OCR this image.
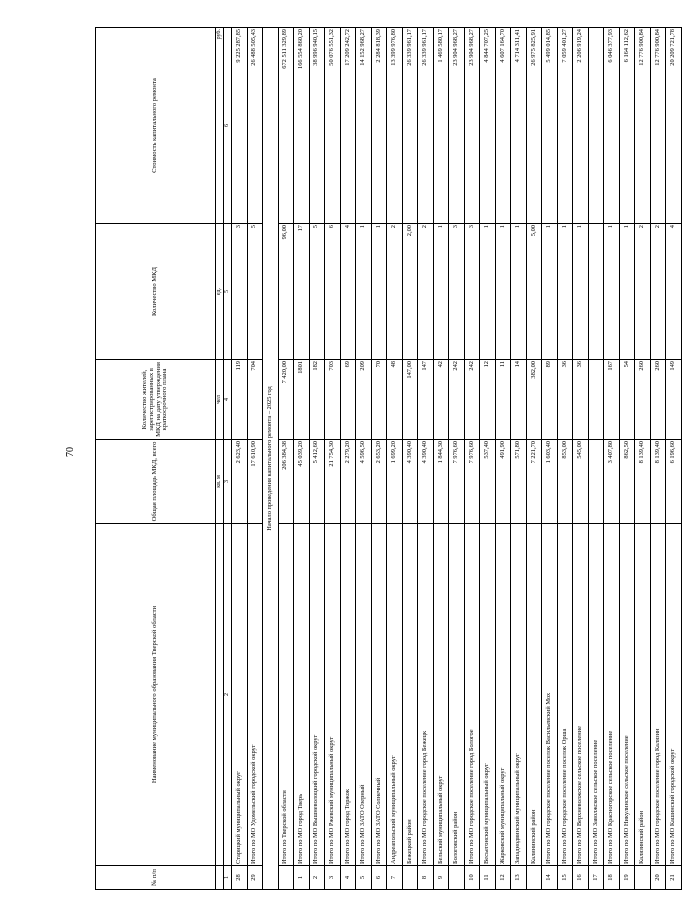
70
№ п/п	Наименование муниципального образования Тверской области	Общая площадь МКД, всего	Количество жителей, зарегистрированных в МКД на дату утверждения краткосрочного плана	Количество МКД	Стоимость капитального ремонта
		кв. м	чел	ед.	руб.
1	2	3	4	5	6
28	Старицкий муниципальный округ	2 623,40	119	3	9 225 287,85
29	Итого по МО Удомельский городской округ	17 610,90	704	5	26 488 505,43
Начало проведения капитального ремонта – 2025 год					
	Итого по Тверской области	206 384,38	7 420,00	96,00	672 511 329,89
1	Итого по МО город Тверь	45 039,20	1801	17	166 554 860,20
2	Итого по МО Вышневолоцкий городской округ	5 412,60	182	5	38 996 940,15
3	Итого по МО Ржевский муниципальный округ	21 754,30	703	6	50 076 551,32
4	Итого по МО город Торжок	2 279,20	69	4	17 209 242,72
5	Итого по МО ЗАТО Озерный	4 596,50	209	1	14 152 968,27
6	Итого по МО ЗАТО Солнечный	2 653,20	70	1	2 284 818,39
7	Андреапольский муниципальный округ	1 699,20	48	2	13 399 976,80
	Бежецкий район	4 390,40	147,00	2,00	26 339 961,17
8	Итого по МО городское поселение город Бежецк	4 390,40	147	2	26 339 961,17
9	Бельский муниципальный округ	1 844,30	42	1	1 469 580,17
	Бологовский район	7 976,60	242	3	23 904 968,27
10	Итого по МО городское поселение город Бологое	7 976,60	242	3	23 904 968,27
11	Весьегонский муниципальный округ	537,40	12	1	4 844 707,25
12	Жарковский муниципальный округ	491,90	11	1	4 607 164,70
13	Западнодвинский муниципальный округ	571,80	14	1	4 714 311,41
	Калининский район	7 221,70	382,00	5,00	26 975 825,91
14	Итого по МО городское поселение поселок Васильевский Мох	1 603,40	89	1	5 499 014,85
15	Итого по МО городское поселение поселок Орша	853,00	36	1	7 059 401,27
16	Итого по МО Верхневолжское сельское поселение	545,00	36	1	2 206 919,24
17	Итого по МО Заволжское сельское поселение				
18	Итого по МО Красногорское сельское поселение	3 407,80	167	1	6 046 377,93
19	Итого по МО Никулинское сельское поселение	862,50	54	1	6 164 112,62
	Калязинский район	8 139,40	260	2	12 776 900,84
20	Итого по МО городское поселение город Калязин	8 139,40	260	2	12 776 900,84
21	Итого по МО Кашинский городской округ	6 196,60	149	4	20 209 721,78
